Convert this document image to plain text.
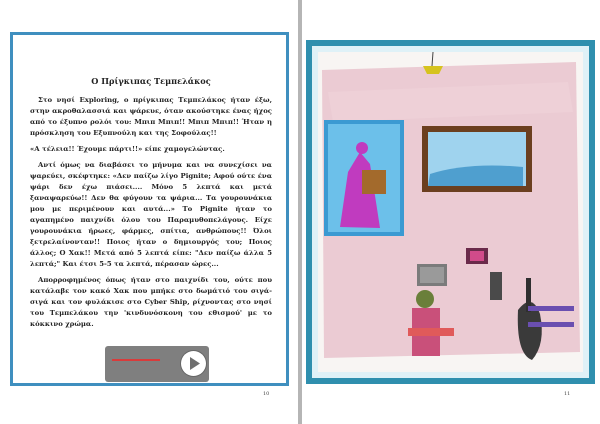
Ο Πρίγκιπας Τεμπελάκος

Στο νησί Exploring, ο πρίγκιπας Τεμπελάκος ήταν έξω, στην ακροθαλασσιά και ψάρευε, όταν ακούστηκε ένας ήχος από το έξυπνο ρολόι του: Μπιπ Μπιπ!! Μπιπ Μπιπ!! Ήταν η πρόσκληση του Εξυπνούλη και της Σοφούλας!!

«Α τέλεια!! Έχουμε πάρτι!!» είπε χαμογελώντας.

Αντί όμως να διαβάσει το μήνυμα και να συνεχίσει να ψαρεύει, σκέφτηκε: «Δεν παίζω λίγο Pignite; Αφού ούτε ένα ψάρι δεν έχω πιάσει.... Μόνο 5 λεπτά και μετά ξαναψαρεύω!! Δεν θα φύγουν τα ψάρια... Τα γουρουνάκια μου με περιμένουν και αυτά...» Το Pignite ήταν το αγαπημένο παιχνίδι όλου του Παραμυθοπελάγους. Είχε γουρουνάκια ήρωες, φάρμες, σπίτια, ανθρώπους!! Όλοι ξετρελαίνονταν!! Ποιος ήταν ο δημιουργός του; Ποιος άλλος; Ο Χακ!! Μετά από 5 λεπτά είπε: "Δεν παίζω άλλα 5 λεπτά;" Και έτσι 5-5 τα λεπτά, πέρασαν ώρες...

Απορροφημένος όπως ήταν στο παιχνίδι του, ούτε που κατάλαβε τον κακό Χακ που μπήκε στο δωμάτιό του σιγά-σιγά και τον φυλάκισε στο Cyber Ship, ρίχνοντας στο νησί του Τεμπελάκου την 'κινδυνόσκονη του εθισμού' με το κόκκινο χρώμα.

10	11
